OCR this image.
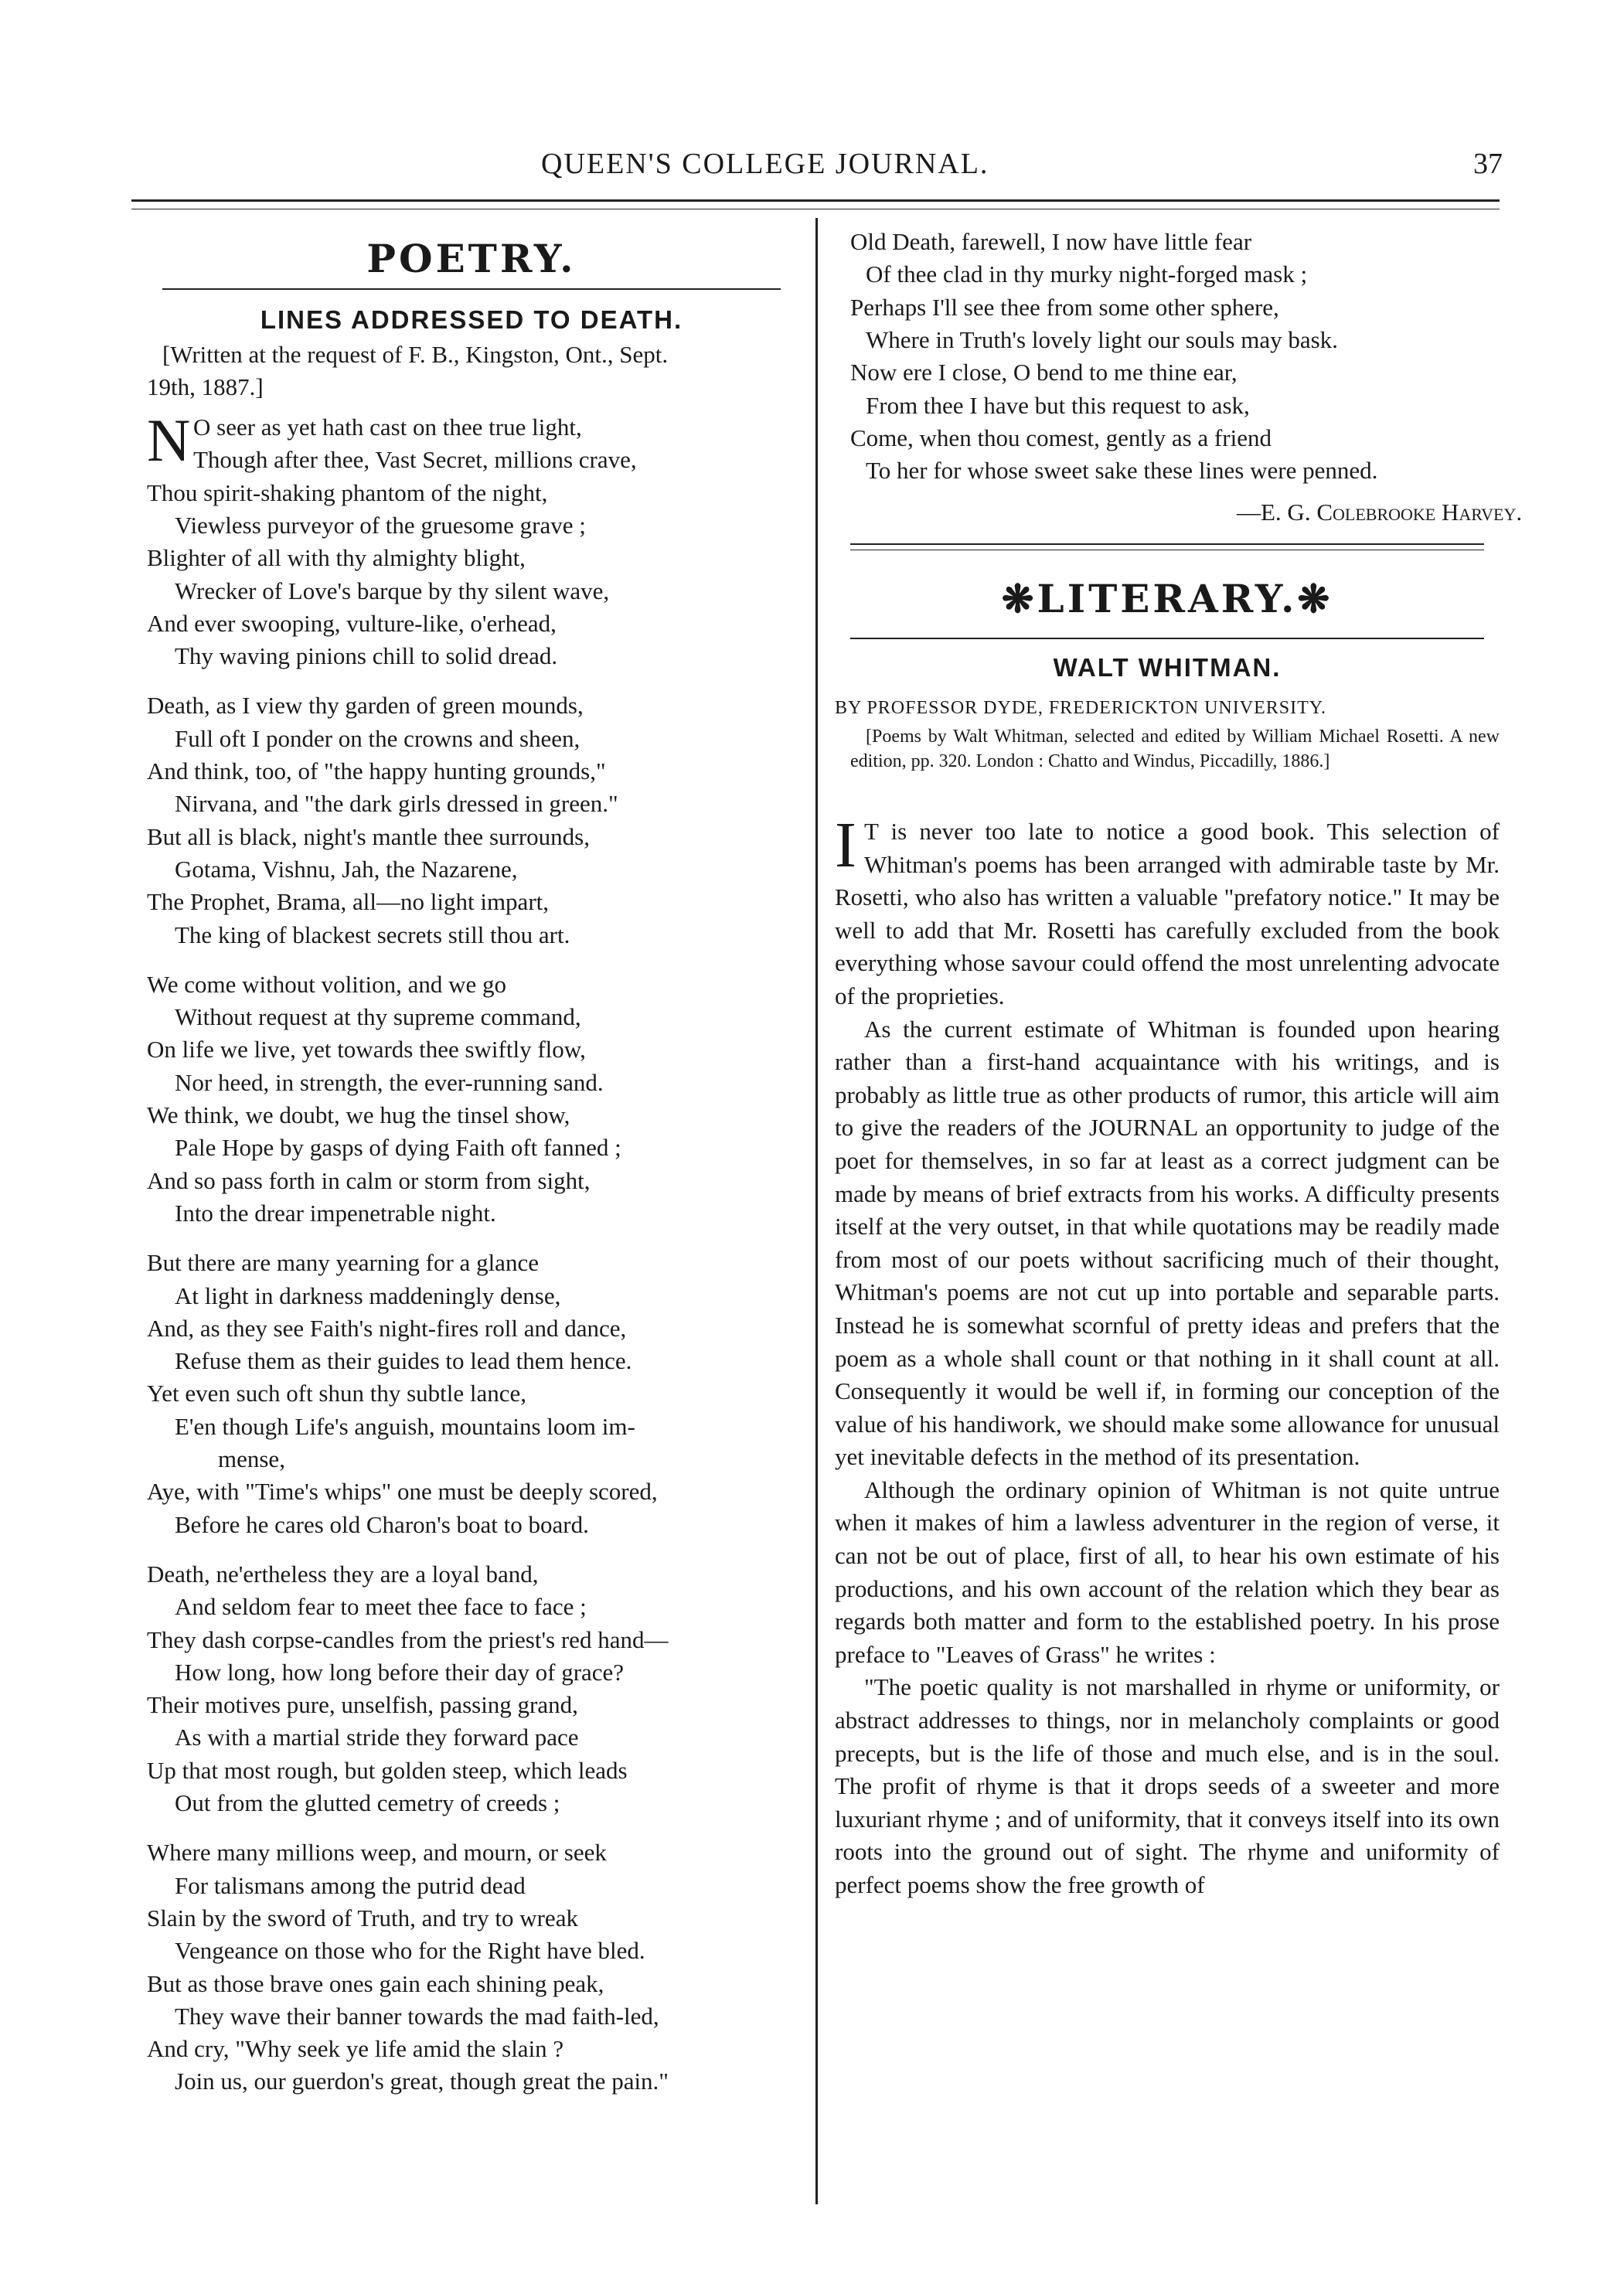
QUEEN'S COLLEGE JOURNAL.	37
POETRY.
LINES ADDRESSED TO DEATH.
[Written at the request of F. B., Kingston, Ont., Sept.
19th, 1887.]
O seer as yet hath cast on thee true light,
Though after thee, Vast Secret, millions crave,
Thou spirit-shaking phantom of the night,
Viewless purveyor of the gruesome grave ;
Blighter of all with thy almighty blight,
Wrecker of Love's barque by thy silent wave,
And ever swooping, vulture-like, o'erhead,
Thy waving pinions chill to solid dread.
Death, as I view thy garden of green mounds,
Full oft I ponder on the crowns and sheen,
And think, too, of "the happy hunting grounds,"
Nirvana, and "the dark girls dressed in green."
But all is black, night's mantle thee surrounds,
Gotama, Vishnu, Jah, the Nazarene,
The Prophet, Brama, all—no light impart,
The king of blackest secrets still thou art.
We come without volition, and we go
Without request at thy supreme command,
On life we live, yet towards thee swiftly flow,
Nor heed, in strength, the ever-running sand.
We think, we doubt, we hug the tinsel show,
Pale Hope by gasps of dying Faith oft fanned ;
And so pass forth in calm or storm from sight,
Into the drear impenetrable night.
But there are many yearning for a glance
At light in darkness maddeningly dense,
And, as they see Faith's night-fires roll and dance,
Refuse them as their guides to lead them hence.
Yet even such oft shun thy subtle lance,
E'en though Life's anguish, mountains loom im-
mense,
Aye, with "Time's whips" one must be deeply scored,
Before he cares old Charon's boat to board.
Death, ne'ertheless they are a loyal band,
And seldom fear to meet thee face to face ;
They dash corpse-candles from the priest's red hand—
How long, how long before their day of grace?
Their motives pure, unselfish, passing grand,
As with a martial stride they forward pace
Up that most rough, but golden steep, which leads
Out from the glutted cemetry of creeds ;
Where many millions weep, and mourn, or seek
For talismans among the putrid dead
Slain by the sword of Truth, and try to wreak
Vengeance on those who for the Right have bled.
But as those brave ones gain each shining peak,
They wave their banner towards the mad faith-led,
And cry, "Why seek ye life amid the slain ?
Join us, our guerdon's great, though great the pain."
N
Old Death, farewell, I now have little fear
Of thee clad in thy murky night-forged mask ;
Perhaps I'll see thee from some other sphere,
Where in Truth's lovely light our souls may bask.
Now ere I close, O bend to me thine ear,
From thee I have but this request to ask,
Come, when thou comest, gently as a friend
To her for whose sweet sake these lines were penned.
—E. G. Colebrooke Harvey.
❋LITERARY.❋
WALT WHITMAN.
BY PROFESSOR DYDE, FREDERICKTON UNIVERSITY.
[Poems by Walt Whitman, selected and edited by William Michael Rosetti. A new edition, pp. 320. London : Chatto and Windus, Piccadilly, 1886.]

I T is never too late to notice a good book. This selection of Whitman's poems has been arranged with admirable taste by Mr. Rosetti, who also has written a valuable "prefatory notice." It may be well to add that Mr. Rosetti has carefully excluded from the book everything whose savour could offend the most unrelenting advocate of the proprieties.

As the current estimate of Whitman is founded upon hearing rather than a first-hand acquaintance with his writings, and is probably as little true as other products of rumor, this article will aim to give the readers of the JOURNAL an opportunity to judge of the poet for themselves, in so far at least as a correct judgment can be made by means of brief extracts from his works. A difficulty presents itself at the very outset, in that while quotations may be readily made from most of our poets without sacrificing much of their thought, Whitman's poems are not cut up into portable and separable parts. Instead he is somewhat scornful of pretty ideas and prefers that the poem as a whole shall count or that nothing in it shall count at all. Consequently it would be well if, in forming our conception of the value of his handiwork, we should make some allowance for unusual yet inevitable defects in the method of its presentation.

Although the ordinary opinion of Whitman is not quite untrue when it makes of him a lawless adventurer in the region of verse, it can not be out of place, first of all, to hear his own estimate of his productions, and his own account of the relation which they bear as regards both matter and form to the established poetry. In his prose preface to "Leaves of Grass" he writes :

"The poetic quality is not marshalled in rhyme or uniformity, or abstract addresses to things, nor in melancholy complaints or good precepts, but is the life of those and much else, and is in the soul. The profit of rhyme is that it drops seeds of a sweeter and more luxuriant rhyme ; and of uniformity, that it conveys itself into its own roots into the ground out of sight. The rhyme and uniformity of perfect poems show the free growth of
